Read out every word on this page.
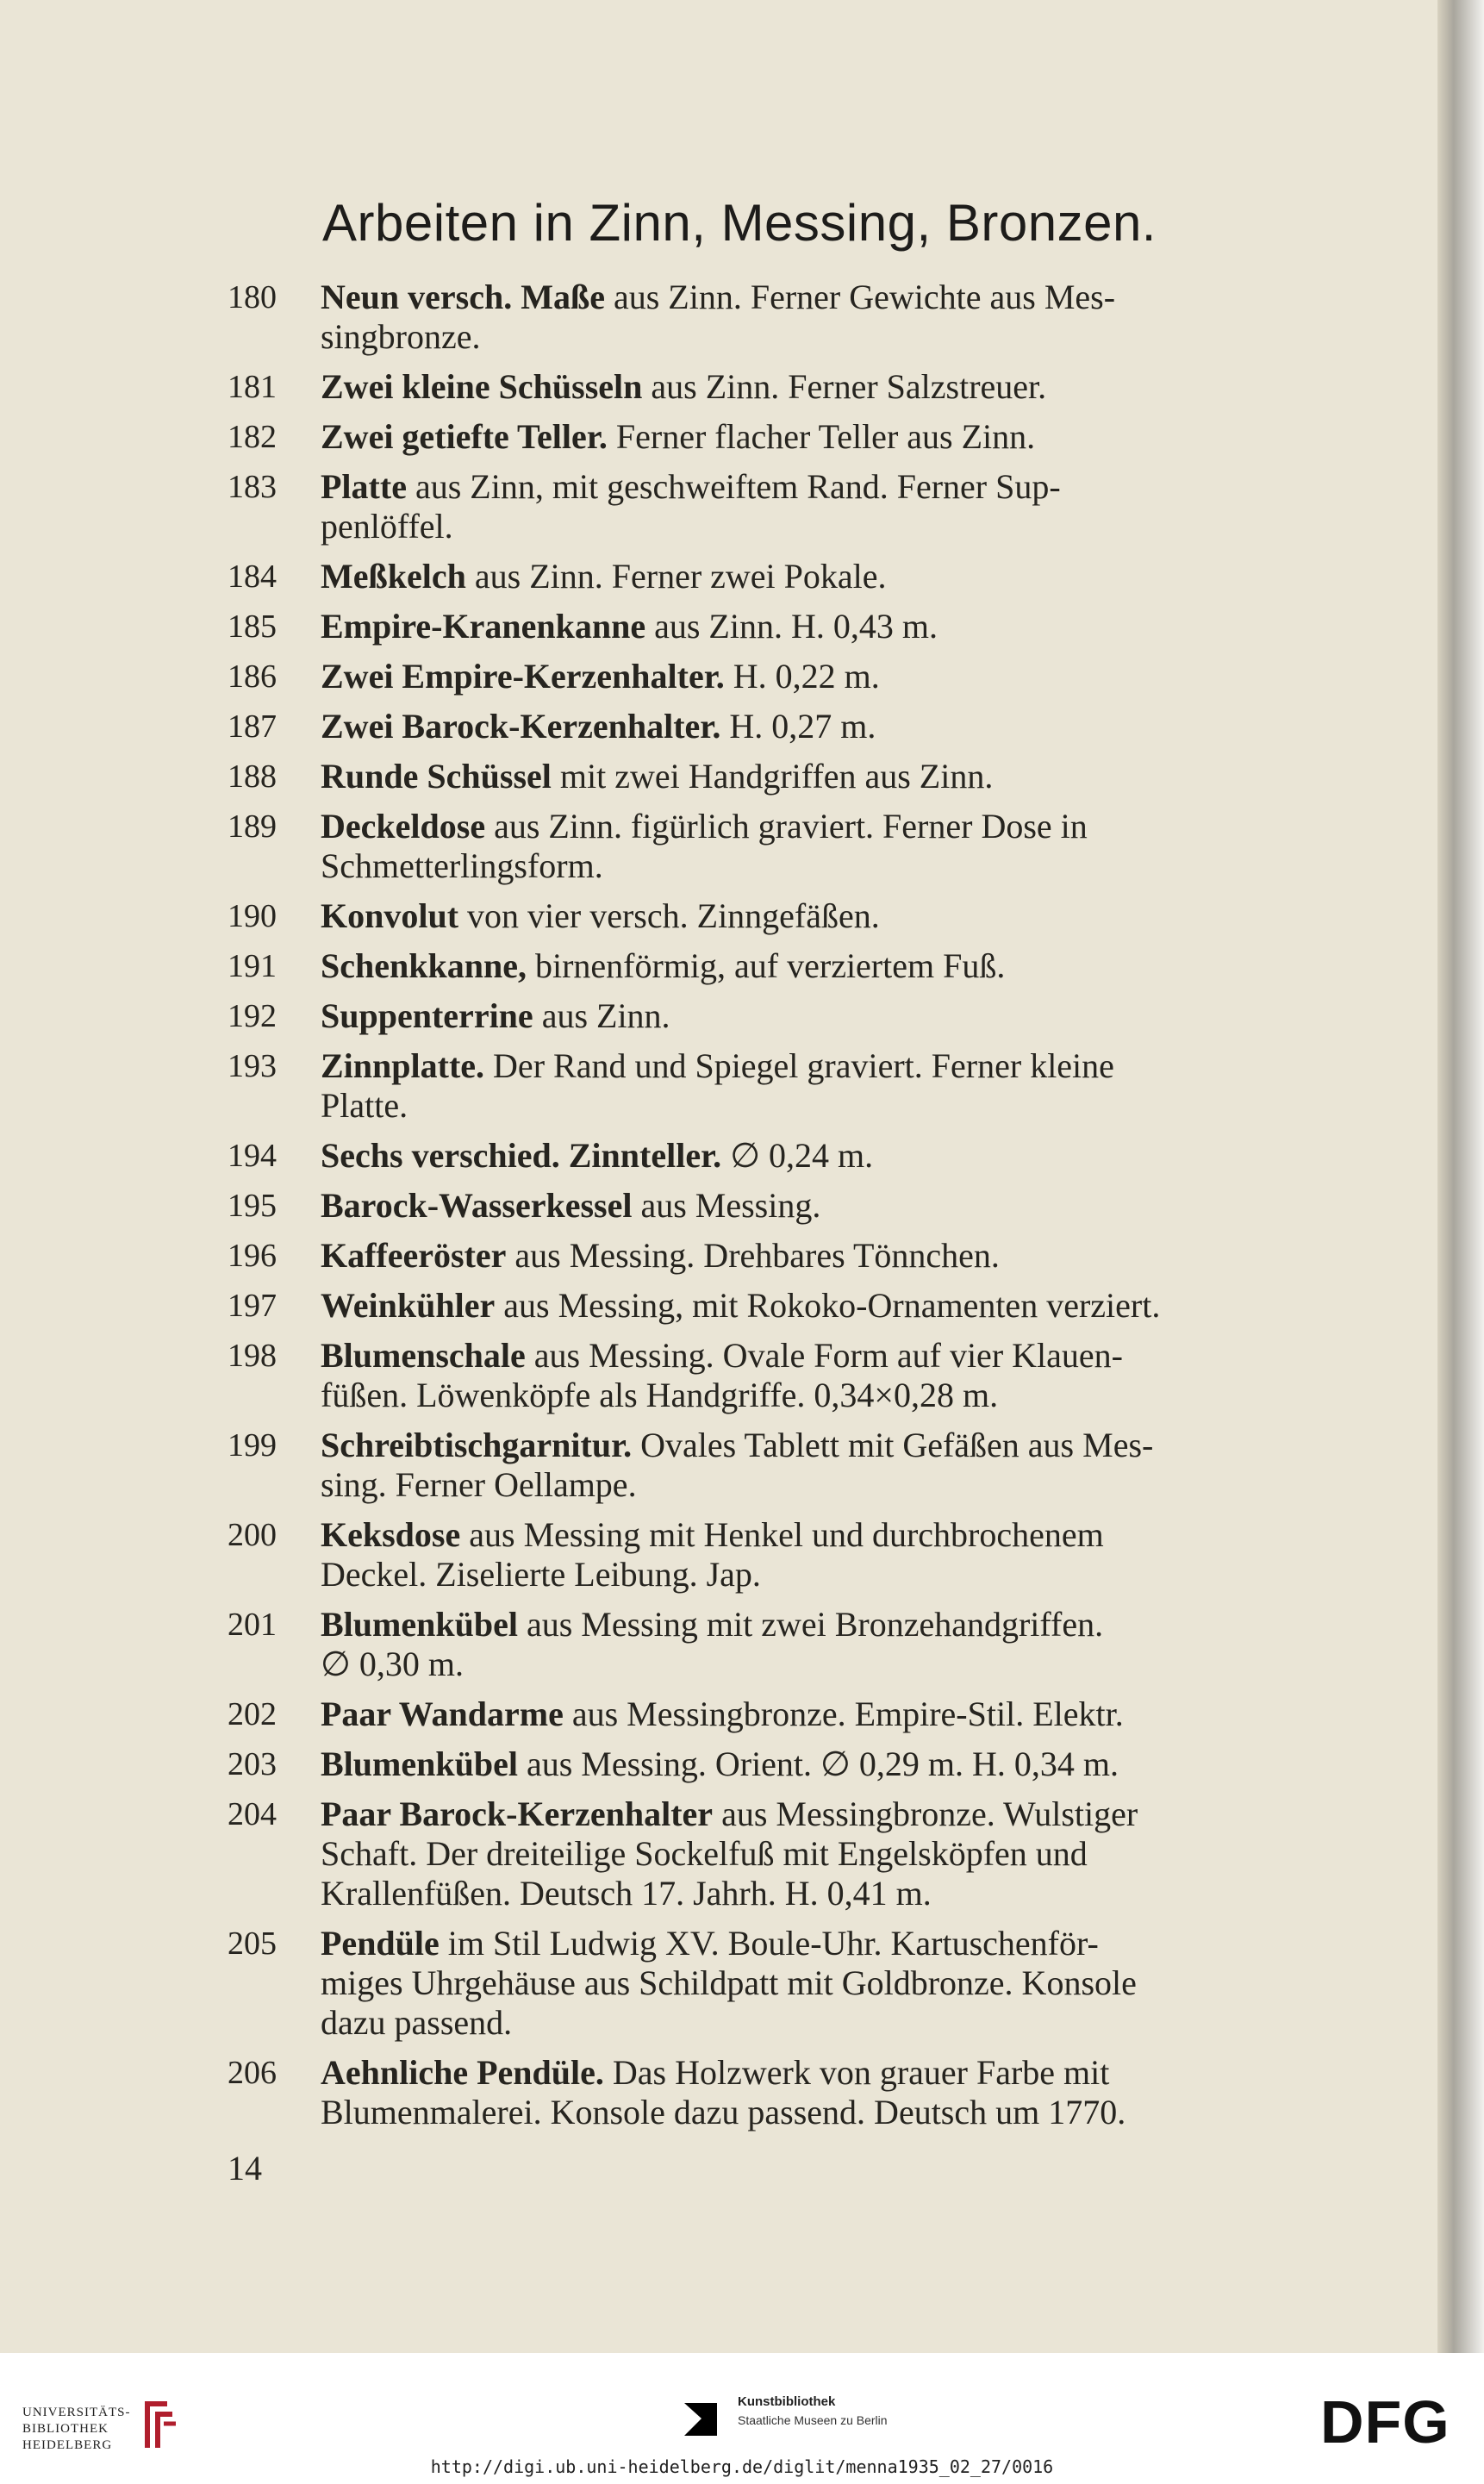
Arbeiten in Zinn, Messing, Bronzen.
180	Neun versch. Maße aus Zinn. Ferner Gewichte aus Mes-
singbronze.
181	Zwei kleine Schüsseln aus Zinn. Ferner Salzstreuer.
182	Zwei getiefte Teller. Ferner flacher Teller aus Zinn.
183	Platte aus Zinn, mit geschweiftem Rand. Ferner Sup-
penlöffel.
184	Meßkelch aus Zinn. Ferner zwei Pokale.
185	Empire-Kranenkanne aus Zinn. H. 0,43 m.
186	Zwei Empire-Kerzenhalter. H. 0,22 m.
187	Zwei Barock-Kerzenhalter. H. 0,27 m.
188	Runde Schüssel mit zwei Handgriffen aus Zinn.
189	Deckeldose aus Zinn. figürlich graviert. Ferner Dose in
Schmetterlingsform.
190	Konvolut von vier versch. Zinngefäßen.
191	Schenkkanne, birnenförmig, auf verziertem Fuß.
192	Suppenterrine aus Zinn.
193	Zinnplatte. Der Rand und Spiegel graviert. Ferner kleine
Platte.
194	Sechs verschied. Zinnteller. ∅ 0,24 m.
195	Barock-Wasserkessel aus Messing.
196	Kaffeeröster aus Messing. Drehbares Tönnchen.
197	Weinkühler aus Messing, mit Rokoko-Ornamenten verziert.
198	Blumenschale aus Messing. Ovale Form auf vier Klauen-
füßen. Löwenköpfe als Handgriffe. 0,34×0,28 m.
199	Schreibtischgarnitur. Ovales Tablett mit Gefäßen aus Mes-
sing. Ferner Oellampe.
200	Keksdose aus Messing mit Henkel und durchbrochenem
Deckel. Ziselierte Leibung. Jap.
201	Blumenkübel aus Messing mit zwei Bronzehandgriffen.
∅ 0,30 m.
202	Paar Wandarme aus Messingbronze. Empire-Stil. Elektr.
203	Blumenkübel aus Messing. Orient. ∅ 0,29 m. H. 0,34 m.
204	Paar Barock-Kerzenhalter aus Messingbronze. Wulstiger
Schaft. Der dreiteilige Sockelfuß mit Engelsköpfen und
Krallenfüßen. Deutsch 17. Jahrh. H. 0,41 m.
205	Pendüle im Stil Ludwig XV. Boule-Uhr. Kartuschenför-
miges Uhrgehäuse aus Schildpatt mit Goldbronze. Konsole
dazu passend.
206	Aehnliche Pendüle. Das Holzwerk von grauer Farbe mit
Blumenmalerei. Konsole dazu passend. Deutsch um 1770.
14
UNIVERSITÄTS-
BIBLIOTHEK
HEIDELBERG
Kunstbibliothek
Staatliche Museen zu Berlin	DFG
http://digi.ub.uni-heidelberg.de/diglit/menna1935_02_27/0016
